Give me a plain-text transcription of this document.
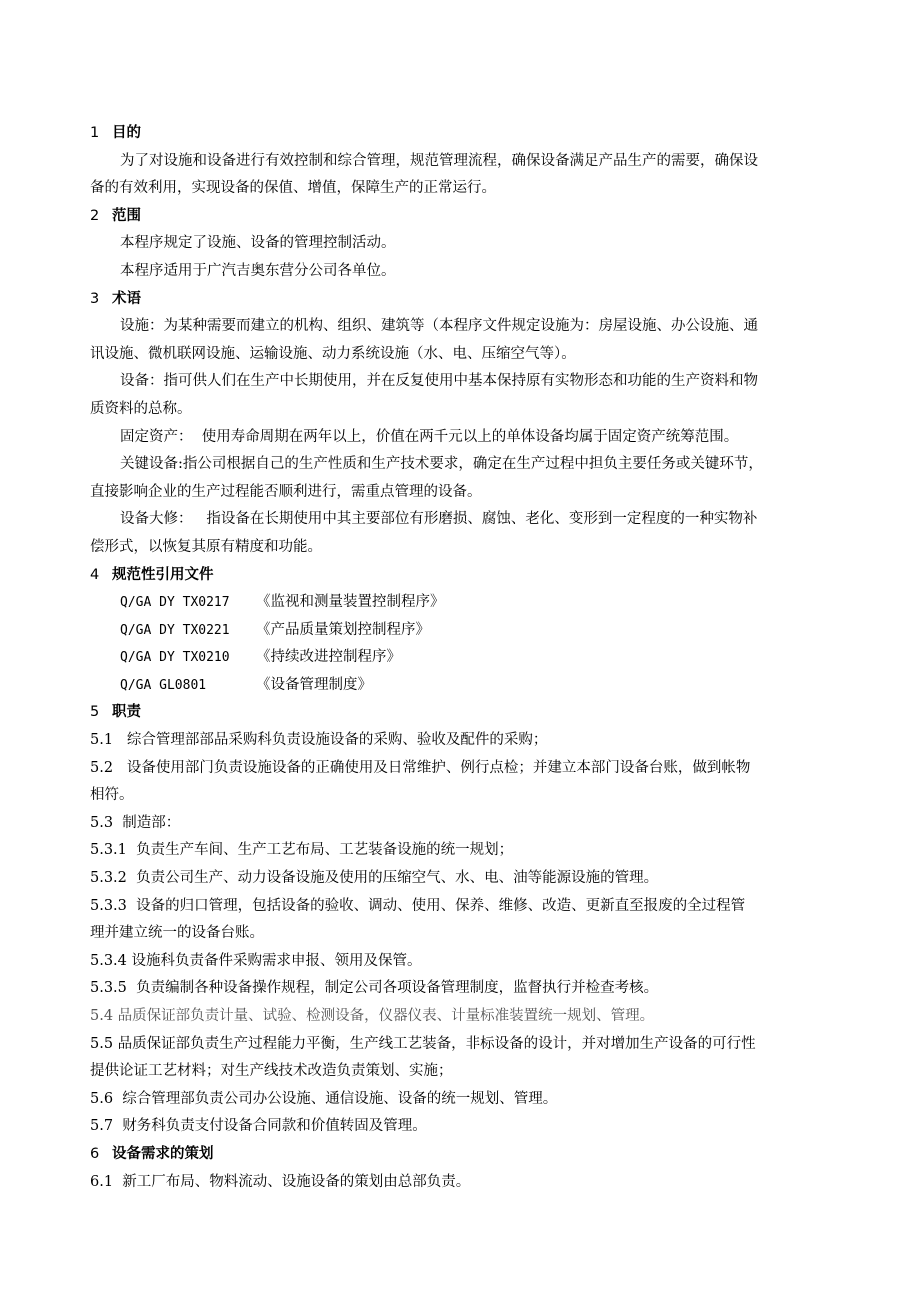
1 目的
为了对设施和设备进行有效控制和综合管理，规范管理流程，确保设备满足产品生产的需要，确保设
备的有效利用，实现设备的保值、增值，保障生产的正常运行。
2 范围
本程序规定了设施、设备的管理控制活动。
本程序适用于广汽吉奥东营分公司各单位。
3 术语
设施：为某种需要而建立的机构、组织、建筑等（本程序文件规定设施为：房屋设施、办公设施、通
讯设施、微机联网设施、运输设施、动力系统设施（水、电、压缩空气等）。
设备：指可供人们在生产中长期使用，并在反复使用中基本保持原有实物形态和功能的生产资料和物
质资料的总称。
固定资产：  使用寿命周期在两年以上，价值在两千元以上的单体设备均属于固定资产统筹范围。
关键设备:指公司根据自己的生产性质和生产技术要求，确定在生产过程中担负主要任务或关键环节，
直接影响企业的生产过程能否顺利进行，需重点管理的设备。
设备大修：   指设备在长期使用中其主要部位有形磨损、腐蚀、老化、变形到一定程度的一种实物补
偿形式，以恢复其原有精度和功能。
4 规范性引用文件
Q/GA DY TX0217 《监视和测量装置控制程序》
Q/GA DY TX0221 《产品质量策划控制程序》
Q/GA DY TX0210 《持续改进控制程序》
Q/GA GL0801	《设备管理制度》
5 职责
5.1   综合管理部部品采购科负责设施设备的采购、验收及配件的采购；
5.2   设备使用部门负责设施设备的正确使用及日常维护、例行点检；并建立本部门设备台账，做到帐物
相符。
5.3  制造部：
5.3.1  负责生产车间、生产工艺布局、工艺装备设施的统一规划；
5.3.2  负责公司生产、动力设备设施及使用的压缩空气、水、电、油等能源设施的管理。
5.3.3  设备的归口管理，包括设备的验收、调动、使用、保养、维修、改造、更新直至报废的全过程管
理并建立统一的设备台账。
5.3.4 设施科负责备件采购需求申报、领用及保管。
5.3.5  负责编制各种设备操作规程，制定公司各项设备管理制度，监督执行并检查考核。
5.4 品质保证部负责计量、试验、检测设备，仪器仪表、计量标准装置统一规划、管理。
5.5 品质保证部负责生产过程能力平衡，生产线工艺装备，非标设备的设计，并对增加生产设备的可行性
提供论证工艺材料；对生产线技术改造负责策划、实施；
5.6  综合管理部负责公司办公设施、通信设施、设备的统一规划、管理。
5.7  财务科负责支付设备合同款和价值转固及管理。
6 设备需求的策划
6.1  新工厂布局、物料流动、设施设备的策划由总部负责。
